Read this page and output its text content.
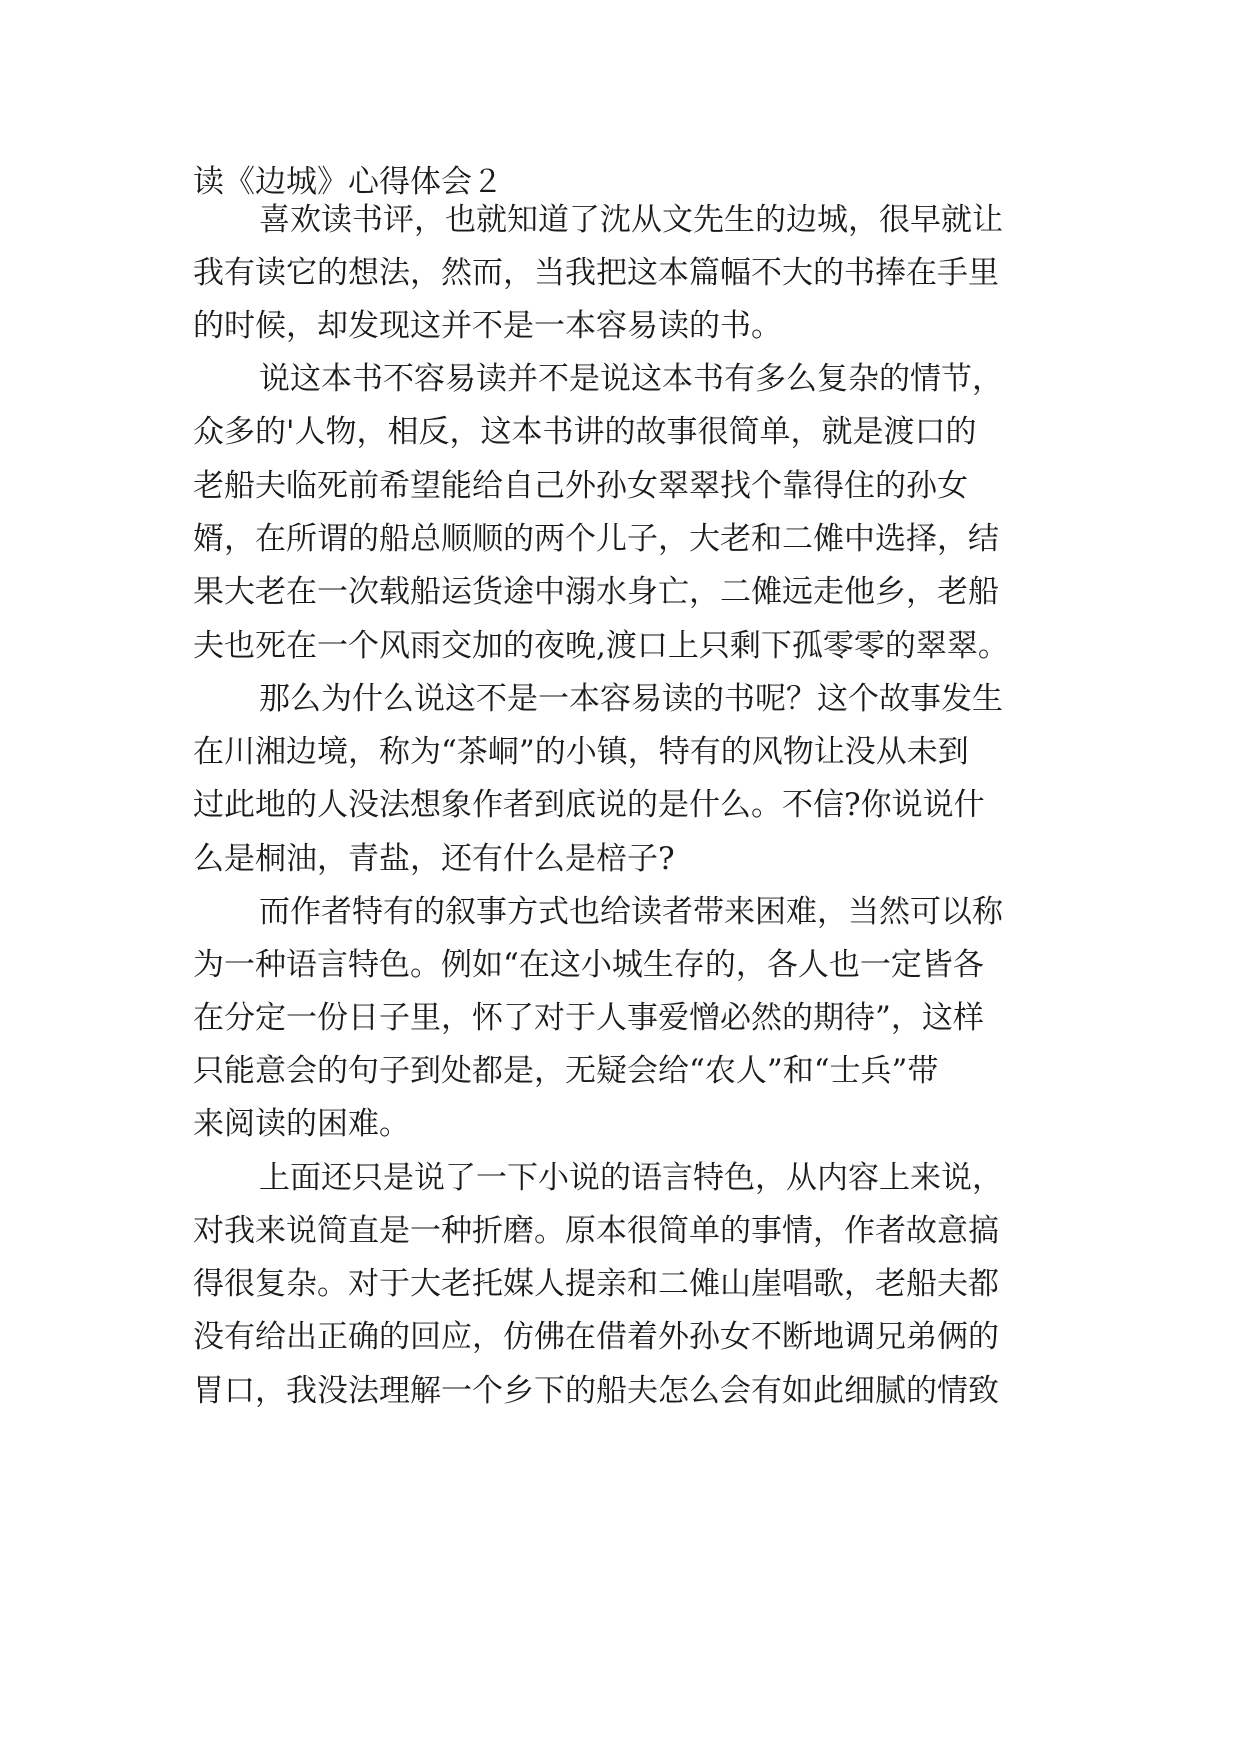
读《边城》心得体会２
喜欢读书评，也就知道了沈从文先生的边城，很早就让
我有读它的想法，然而，当我把这本篇幅不大的书捧在手里
的时候，却发现这并不是一本容易读的书。
说这本书不容易读并不是说这本书有多么复杂的情节，
众多的'人物，相反，这本书讲的故事很简单，就是渡口的
老船夫临死前希望能给自己外孙女翠翠找个靠得住的孙女
婿，在所谓的船总顺顺的两个儿子，大老和二傩中选择，结
果大老在一次载船运货途中溺水身亡，二傩远走他乡，老船
夫也死在一个风雨交加的夜晚,渡口上只剩下孤零零的翠翠。
那么为什么说这不是一本容易读的书呢？这个故事发生
在川湘边境，称为“茶峒”的小镇，特有的风物让没从未到
过此地的人没法想象作者到底说的是什么。不信?你说说什
么是桐油，青盐，还有什么是棓子?
而作者特有的叙事方式也给读者带来困难，当然可以称
为一种语言特色。例如“在这小城生存的，各人也一定皆各
在分定一份日子里，怀了对于人事爱憎必然的期待”，这样
只能意会的句子到处都是，无疑会给“农人”和“士兵”带
来阅读的困难。
上面还只是说了一下小说的语言特色，从内容上来说，
对我来说简直是一种折磨。原本很简单的事情，作者故意搞
得很复杂。对于大老托媒人提亲和二傩山崖唱歌，老船夫都
没有给出正确的回应，仿佛在借着外孙女不断地调兄弟俩的
胃口，我没法理解一个乡下的船夫怎么会有如此细腻的情致
